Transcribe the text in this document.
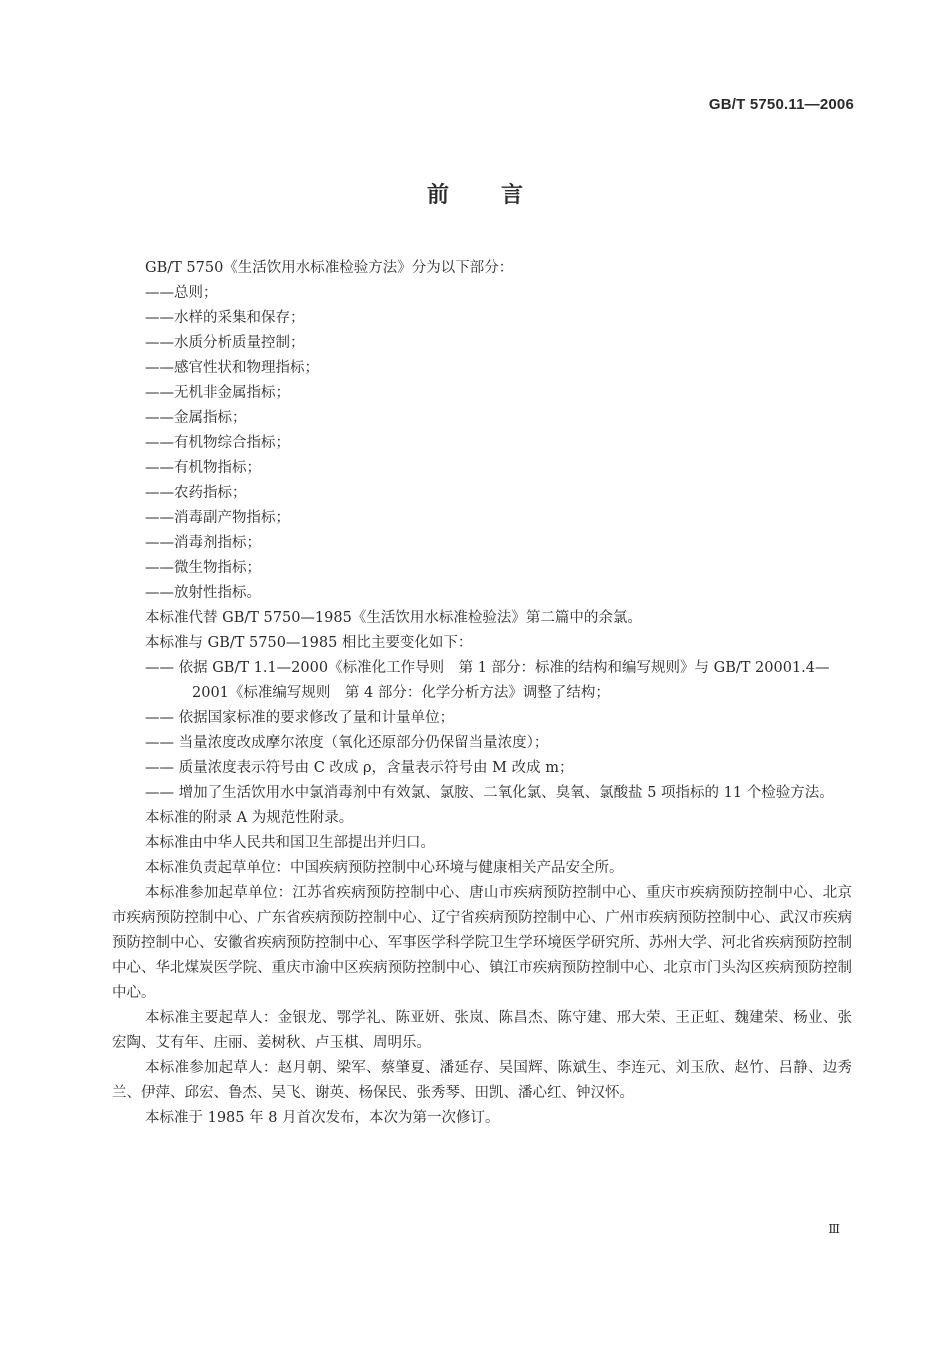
GB/T 5750.11—2006
前言

GB/T 5750《生活饮用水标准检验方法》分为以下部分：

——总则；

——水样的采集和保存；

——水质分析质量控制；

——感官性状和物理指标；

——无机非金属指标；

——金属指标；

——有机物综合指标；

——有机物指标；

——农药指标；

——消毒副产物指标；

——消毒剂指标；

——微生物指标；

——放射性指标。

本标准代替 GB/T 5750—1985《生活饮用水标准检验法》第二篇中的余氯。

本标准与 GB/T 5750—1985 相比主要变化如下：

—— 依据 GB/T 1.1—2000《标准化工作导则　第 1 部分：标准的结构和编写规则》与 GB/T 20001.4—2001《标准编写规则　第 4 部分：化学分析方法》调整了结构；

—— 依据国家标准的要求修改了量和计量单位；

—— 当量浓度改成摩尔浓度（氧化还原部分仍保留当量浓度）；

—— 质量浓度表示符号由 C 改成 ρ，含量表示符号由 M 改成 m；

—— 增加了生活饮用水中氯消毒剂中有效氯、氯胺、二氧化氯、臭氧、氯酸盐 5 项指标的 11 个检验方法。

本标准的附录 A 为规范性附录。

本标准由中华人民共和国卫生部提出并归口。

本标准负责起草单位：中国疾病预防控制中心环境与健康相关产品安全所。

本标准参加起草单位：江苏省疾病预防控制中心、唐山市疾病预防控制中心、重庆市疾病预防控制中心、北京市疾病预防控制中心、广东省疾病预防控制中心、辽宁省疾病预防控制中心、广州市疾病预防控制中心、武汉市疾病预防控制中心、安徽省疾病预防控制中心、军事医学科学院卫生学环境医学研究所、苏州大学、河北省疾病预防控制中心、华北煤炭医学院、重庆市渝中区疾病预防控制中心、镇江市疾病预防控制中心、北京市门头沟区疾病预防控制中心。

本标准主要起草人：金银龙、鄂学礼、陈亚妍、张岚、陈昌杰、陈守建、邢大荣、王正虹、魏建荣、杨业、张宏陶、艾有年、庄丽、姜树秋、卢玉棋、周明乐。

本标准参加起草人：赵月朝、梁军、蔡肇夏、潘延存、吴国辉、陈斌生、李连元、刘玉欣、赵竹、吕静、边秀兰、伊萍、邱宏、鲁杰、吴飞、谢英、杨保民、张秀琴、田凯、潘心红、钟汉怀。

本标准于 1985 年 8 月首次发布，本次为第一次修订。

Ⅲ
